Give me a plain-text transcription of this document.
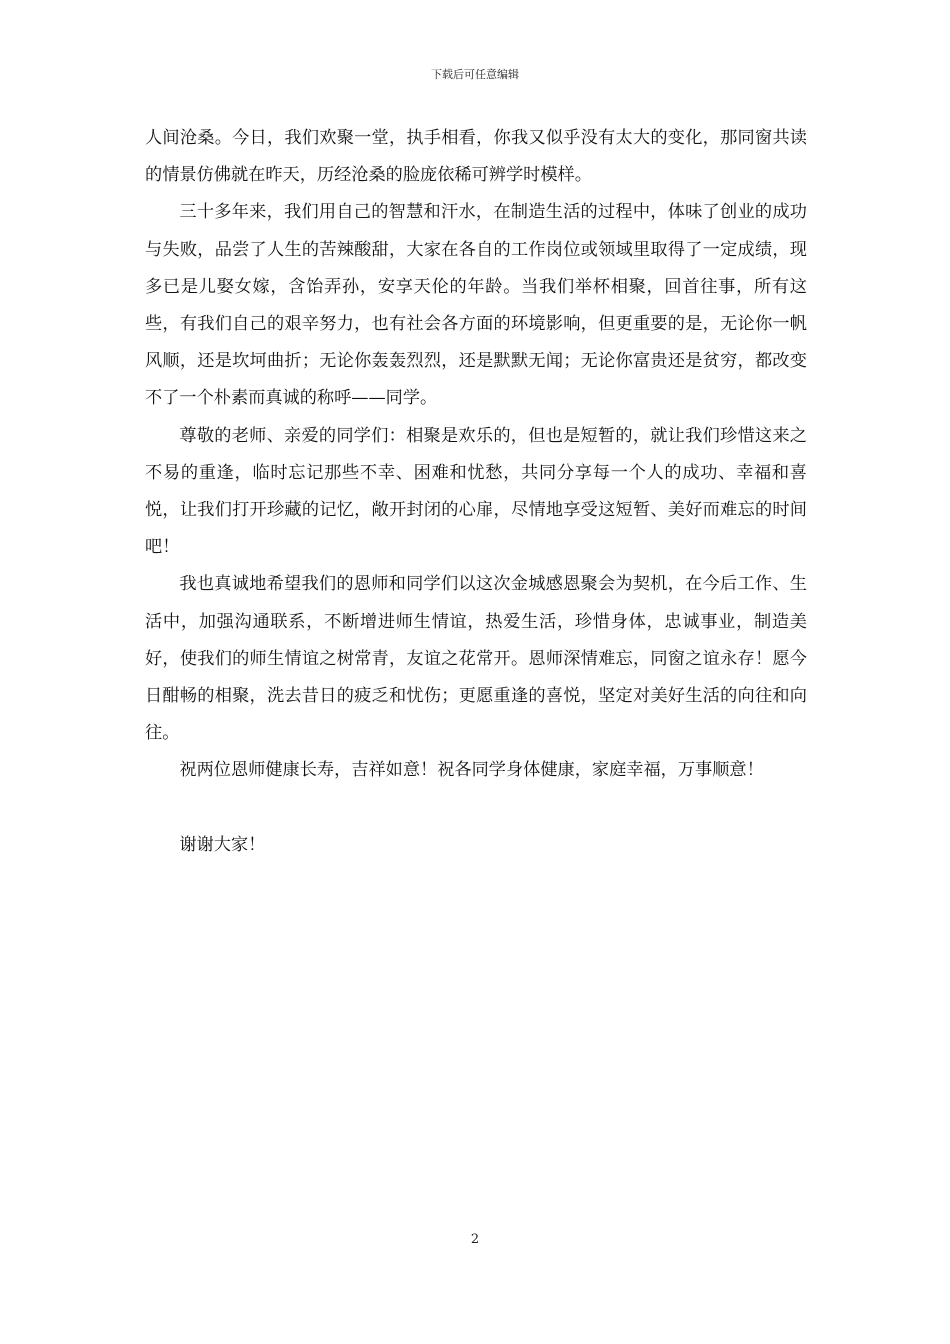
下载后可任意编辑

人间沧桑。今日，我们欢聚一堂，执手相看，你我又似乎没有太大的变化，那同窗共读的情景仿佛就在昨天，历经沧桑的脸庞依稀可辨学时模样。

三十多年来，我们用自己的智慧和汗水，在制造生活的过程中，体味了创业的成功与失败，品尝了人生的苦辣酸甜，大家在各自的工作岗位或领域里取得了一定成绩，现多已是儿娶女嫁，含饴弄孙，安享天伦的年龄。当我们举杯相聚，回首往事，所有这些，有我们自己的艰辛努力，也有社会各方面的环境影响，但更重要的是，无论你一帆风顺，还是坎坷曲折；无论你轰轰烈烈，还是默默无闻；无论你富贵还是贫穷，都改变不了一个朴素而真诚的称呼——同学。

尊敬的老师、亲爱的同学们：相聚是欢乐的，但也是短暂的，就让我们珍惜这来之不易的重逢，临时忘记那些不幸、困难和忧愁，共同分享每一个人的成功、幸福和喜悦，让我们打开珍藏的记忆，敞开封闭的心扉，尽情地享受这短暂、美好而难忘的时间吧！

我也真诚地希望我们的恩师和同学们以这次金城感恩聚会为契机，在今后工作、生活中，加强沟通联系，不断增进师生情谊，热爱生活，珍惜身体，忠诚事业，制造美好，使我们的师生情谊之树常青，友谊之花常开。恩师深情难忘，同窗之谊永存！愿今日酣畅的相聚，洗去昔日的疲乏和忧伤；更愿重逢的喜悦，坚定对美好生活的向往和向往。

祝两位恩师健康长寿，吉祥如意！祝各同学身体健康，家庭幸福，万事顺意！

谢谢大家！

2
